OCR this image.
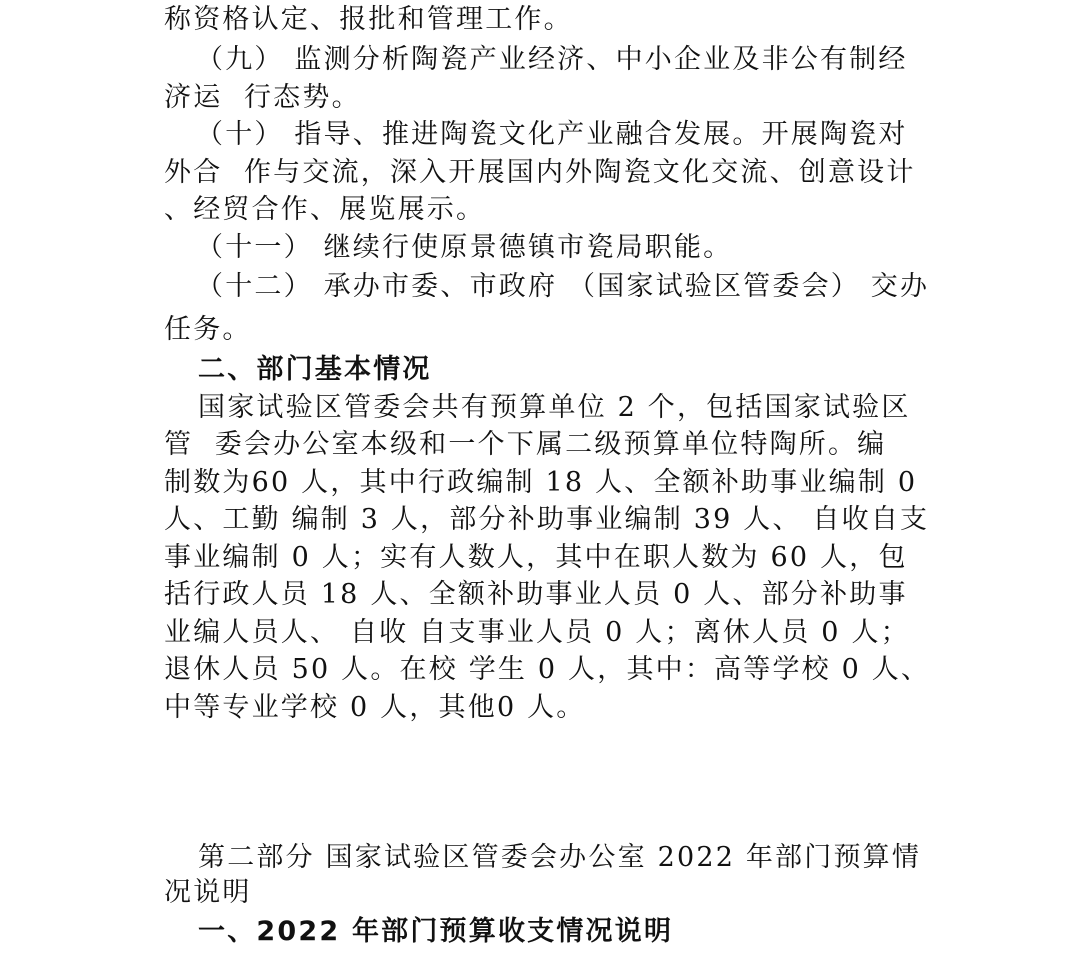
称资格认定、报批和管理工作。
（九） 监测分析陶瓷产业经济、中小企业及非公有制经
济运  行态势。
（十） 指导、推进陶瓷文化产业融合发展。开展陶瓷对
外合  作与交流，深入开展国内外陶瓷文化交流、创意设计
、经贸合作、展览展示。
（十一） 继续行使原景德镇市瓷局职能。
（十二） 承办市委、市政府 （国家试验区管委会） 交办
任务。
二、部门基本情况
国家试验区管委会共有预算单位 2 个，包括国家试验区
管  委会办公室本级和一个下属二级预算单位特陶所。编
制数为60 人，其中行政编制 18 人、全额补助事业编制 0
人、工勤 编制 3 人，部分补助事业编制 39 人、 自收自支
事业编制 0 人；实有人数人，其中在职人数为 60 人，包
括行政人员 18 人、全额补助事业人员 0 人、部分补助事
业编人员人、 自收 自支事业人员 0 人；离休人员 0 人；
退休人员 50 人。在校 学生 0 人，其中：高等学校 0 人、
中等专业学校 0 人，其他0 人。
第二部分 国家试验区管委会办公室 2022 年部门预算情
况说明
一、2022 年部门预算收支情况说明
